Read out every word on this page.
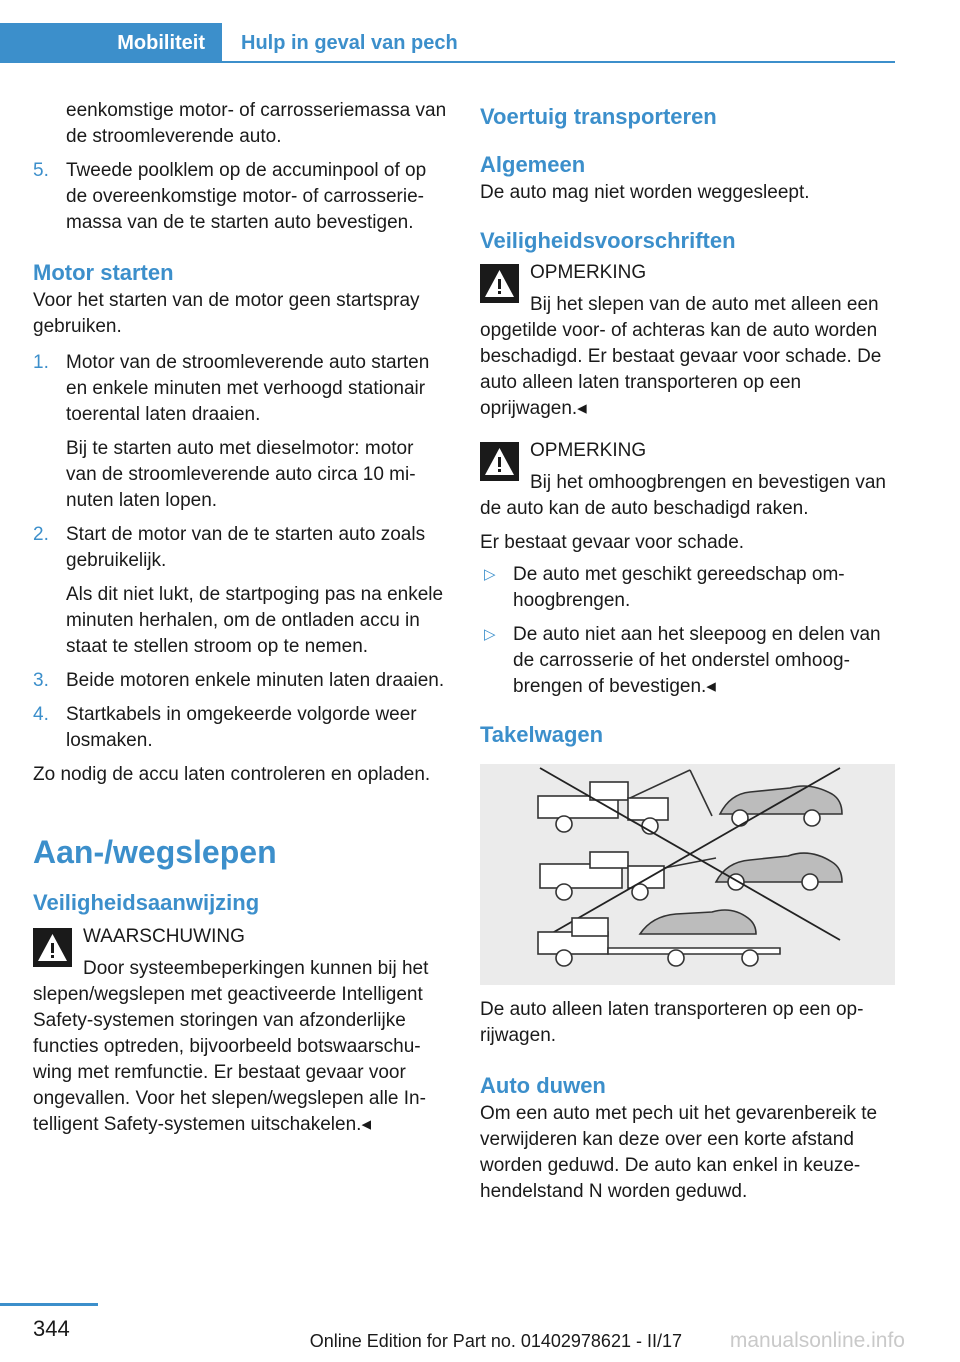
Mobiliteit	Hulp in geval van pech

eenkomstige motor- of carrosseriemassa van de stroomleverende auto.

5. Tweede poolklem op de accuminpool of op de overeenkomstige motor- of carrosseriemassa van de te starten auto bevestigen.

Motor starten

Voor het starten van de motor geen startspray gebruiken.

1. Motor van de stroomleverende auto starten en enkele minuten met verhoogd stationair toerental laten draaien.

Bij te starten auto met dieselmotor: motor van de stroomleverende auto circa 10 minuten laten lopen.

2. Start de motor van de te starten auto zoals gebruikelijk.

Als dit niet lukt, de startpoging pas na enkele minuten herhalen, om de ontladen accu in staat te stellen stroom op te nemen.

3. Beide motoren enkele minuten laten draaien.

4. Startkabels in omgekeerde volgorde weer losmaken.

Zo nodig de accu laten controleren en opladen.

Aan-/wegslepen

Veiligheidsaanwijzing

WAARSCHUWING

Door systeembeperkingen kunnen bij het slepen/wegslepen met geactiveerde Intelligent Safety-systemen storingen van afzonderlijke functies optreden, bijvoorbeeld botswaarschuwing met remfunctie. Er bestaat gevaar voor ongevallen. Voor het slepen/wegslepen alle Intelligent Safety-systemen uitschakelen.◂

Voertuig transporteren

Algemeen

De auto mag niet worden weggesleept.

Veiligheidsvoorschriften

OPMERKING

Bij het slepen van de auto met alleen een opgetilde voor- of achteras kan de auto worden beschadigd. Er bestaat gevaar voor schade. De auto alleen laten transporteren op een oprijwagen.◂

OPMERKING

Bij het omhoogbrengen en bevestigen van de auto kan de auto beschadigd raken.

Er bestaat gevaar voor schade.

▷ De auto met geschikt gereedschap omhoogbrengen.

▷ De auto niet aan het sleepoog en delen van de carrosserie of het onderstel omhoogbrengen of bevestigen.◂

Takelwagen

De auto alleen laten transporteren op een oprijwagen.

Auto duwen

Om een auto met pech uit het gevarenbereik te verwijderen kan deze over een korte afstand worden geduwd. De auto kan enkel in keuzehendelstand N worden geduwd.

344	Online Edition for Part no. 01402978621 - II/17 manualsonline.info
